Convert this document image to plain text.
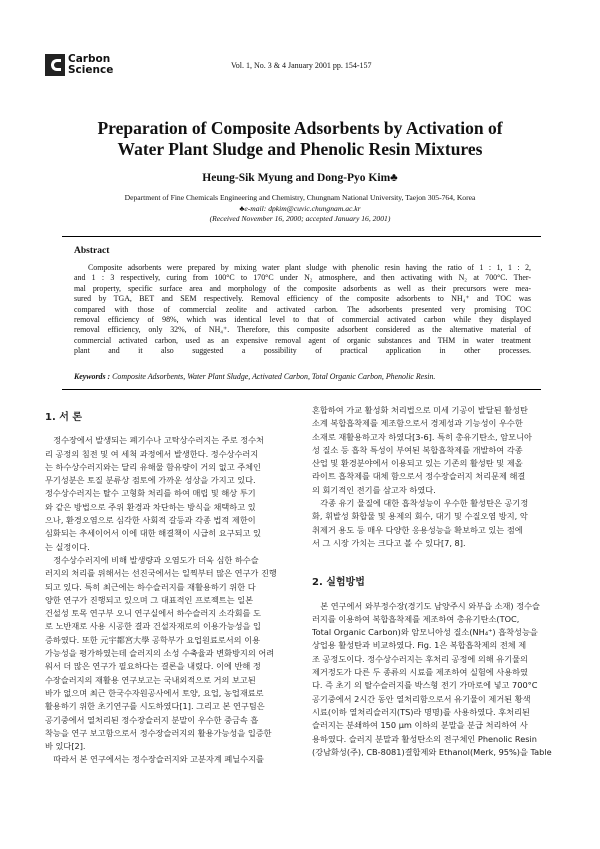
Carbon
Science	Vol. 1, No. 3 & 4 January 2001 pp. 154-157
Preparation of Composite Adsorbents by Activation of
Water Plant Sludge and Phenolic Resin Mixtures
Heung-Sik Myung and Dong-Pyo Kim♣
Department of Fine Chemicals Engineering and Chemistry, Chungnam National University, Taejon 305-764, Korea
♣e-mail: dpkim@cuvic.chungnam.ac.kr
(Received November 16, 2000; accepted January 16, 2001)
Abstract
Composite adsorbents were prepared by mixing water plant sludge with phenolic resin having the ratio of 1 : 1, 1 : 2,
and 1 : 3 respectively, curing from 100°C to 170°C under N₂ atmosphere, and then activating with N₂ at 700°C. Ther-
mal property, specific surface area and morphology of the composite adsorbents as well as their precursors were mea-
sured by TGA, BET and SEM respectively. Removal efficiency of the composite adsorbents to NH₄⁺ and TOC was
compared with those of commercial zeolite and activated carbon. The adsorbents presented very promising TOC
removal efficiency of 98%, which was identical level to that of commercial activated carbon while they displayed
removal efficiency, only 32%, of NH₄⁺. Therefore, this composite adsorbent considered as the alternative material of
commercial activated carbon, used as an expensive removal agent of organic substances and THM in water treatment
plant and it also suggested a possibility of practical application in other processes.
Keywords : Composite Adsorbents, Water Plant Sludge, Activated Carbon, Total Organic Carbon, Phenolic Resin.
1. 서 론
　정수장에서 발생되는 폐기수나 고탁상수러지는 주로 정수처
리 공정의 침전 및 여 세척 과정에서 발생한다. 정수상수러지
는 하수상수러지와는 달리 유해물 함유량이 거의 없고 주체인
무기성분은 토질 분류상 점토에 가까운 성상을 가지고 있다.
정수상수러지는 탈수 고형화 처리를 하여 매립 및 해상 투기
와 같은 방법으로 주위 환경과 차단하는 방식을 채택하고 있
으나, 환경오염으로 심각한 사회적 갈등과 각종 법적 제한이
심화되는 추세이어서 이에 대한 해결책이 시급히 요구되고 있
는 실정이다.
　정수상수러지에 비해 발생량과 오염도가 더욱 심한 하수슬
러지의 처리를 위해서는 선진국에서는 일찍부터 많은 연구가 진행
되고 있다. 특히 최근에는 하수슬러지를 재활용하기 위한 다
양한 연구가 진행되고 있으며 그 대표적인 프로젝트는 일본
건설성 토목 연구부 오니 연구실에서 하수슬러지 소각회를 도
로 노반재로 사용 시공한 결과 건설자재로의 이용가능성을 입
증하였다. 또한 元宇都宮大學 공학부가 요업원료로서의 이용
가능성을 평가하였는데 슬러지의 소성 수축율과 변화방지의 어려
워서 더 많은 연구가 필요하다는 결론을 내렸다. 이에 반해 정
수장슬러지의 재활용 연구보고는 국내외적으로 거의 보고된
바가 없으며 최근 한국수자원공사에서 토양, 요업, 농업재료로
활용하기 위한 초기연구를 시도하였다[1]. 그리고 본 연구팀은
공기중에서 열처리된 정수장슬러지 분말이 우수한 중금속 흡
착능을 연구 보고함으로서 정수장슬러지의 활용가능성을 입증한
바 있다[2].
　따라서 본 연구에서는 정수장슬러지와 고분자계 폐닐수지를
혼합하여 가교 활성화 처리법으로 미세 기공이 발달된 활성탄
소계 복합흡착제를 제조함으로서 경제성과 기능성이 우수한
소재로 재활용하고자 하였다[3-6]. 특히 총유기탄소, 암모니아
성 질소 등 흡착 특성이 부여된 복합흡착제를 개발하여 각종
산업 및 환경분야에서 이용되고 있는 기존의 활성탄 및 제올
라이트 흡착제를 대체 함으로서 정수장슬러지 처리문제 해결
의 회기적인 전기를 삼고자 하였다.
　각종 유기 물질에 대한 흡착성능이 우수한 활성탄은 공기정
화, 휘발성 화합물 및 용제의 회수, 대기 및 수질오염 방지, 악
취제거 용도 등 매우 다양한 응용성능을 확보하고 있는 점에
서 그 시장 가치는 크다고 볼 수 있다[7, 8].
2. 실험방법
　본 연구에서 와부정수장(경기도 남양주시 와부읍 소재) 정수슬
러지를 이용하여 복합흡착제를 제조하여 총유기탄소(TOC,
Total Organic Carbon)와 암모니아성 질소(NH₄⁺) 흡착성능을
상업용 활성탄과 비교하였다. Fig. 1은 복합흡착제의 전체 제
조 공정도이다. 정수상수러지는 후처리 공정에 의해 유기물의
제거정도가 다른 두 종류의 시료를 제조하여 실험에 사용하였
다. 즉 초기 의 탈수슬러지를 박스형 전기 가마로에 넣고 700°C
공기중에서 2시간 동안 열처리함으로서 유기물이 제거된 황색
시료(이하 열처리슬러지(TS)라 명명)를 사용하였다. 후처리된
슬러지는 분쇄하여 150 µm 이하의 분말을 분급 처리하여 사
용하였다. 슬러지 분말과 활성탄소의 전구체인 Phenolic Resin
(강남화성(주), CB-8081)결합제와 Ethanol(Merk, 95%)을 Table
